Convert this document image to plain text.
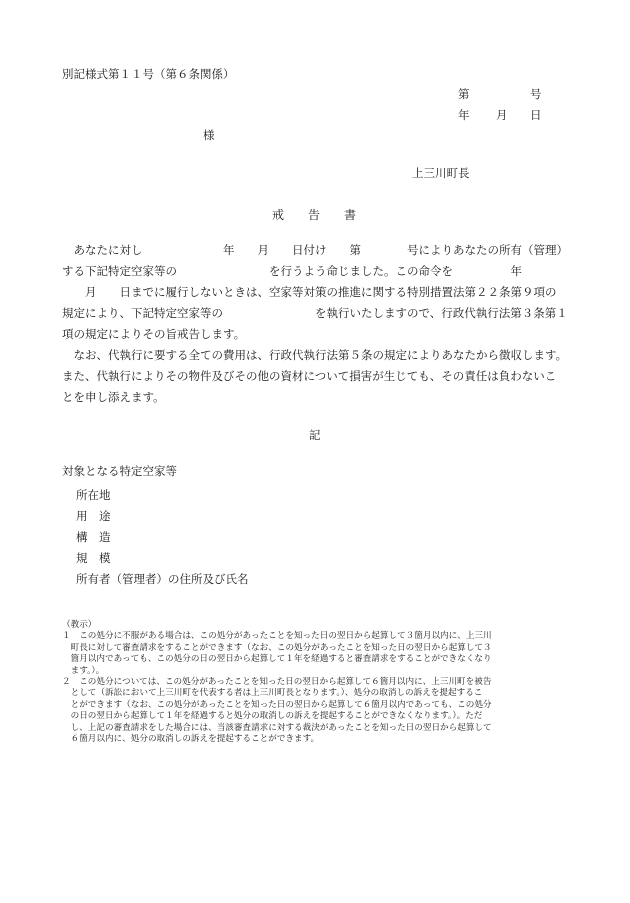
別記様式第１１号（第６条関係）
第	号
年 月 日
様
上三川町長
戒　　告　　書

　あなたに対し　　　　　　　年　　月　　日付け　　第　　　　号によりあなたの所有（管理）

する下記特定空家等の　　　　　　　　を行うよう命じました。この命令を　　　　　年

　　月　　日までに履行しないときは、空家等対策の推進に関する特別措置法第２２条第９項の

規定により、下記特定空家等の　　　　　　　　を執行いたしますので、行政代執行法第３条第１

項の規定によりその旨戒告します。

　なお、代執行に要する全ての費用は、行政代執行法第５条の規定によりあなたから徴収します。

また、代執行によりその物件及びその他の資材について損害が生じても、その責任は負わないこ

とを申し添えます。

記
対象となる特定空家等

所在地

用　途

構　造

規　模

所有者（管理者）の住所及び氏名

（教示）

１　この処分に不服がある場合は、この処分があったことを知った日の翌日から起算して３箇月以内に、上三川

　町長に対して審査請求をすることができます（なお、この処分があったことを知った日の翌日から起算して３

　箇月以内であっても、この処分の日の翌日から起算して１年を経過すると審査請求をすることができなくなり

　ます。）。

２　この処分については、この処分があったことを知った日の翌日から起算して６箇月以内に、上三川町を被告

　として（訴訟において上三川町を代表する者は上三川町長となります。）、処分の取消しの訴えを提起するこ

　とができます（なお、この処分があったことを知った日の翌日から起算して６箇月以内であっても、この処分

　の日の翌日から起算して１年を経過すると処分の取消しの訴えを提起することができなくなります。）。ただ

　し、上記の審査請求をした場合には、当該審査請求に対する裁決があったことを知った日の翌日から起算して

　６箇月以内に、処分の取消しの訴えを提起することができます。
